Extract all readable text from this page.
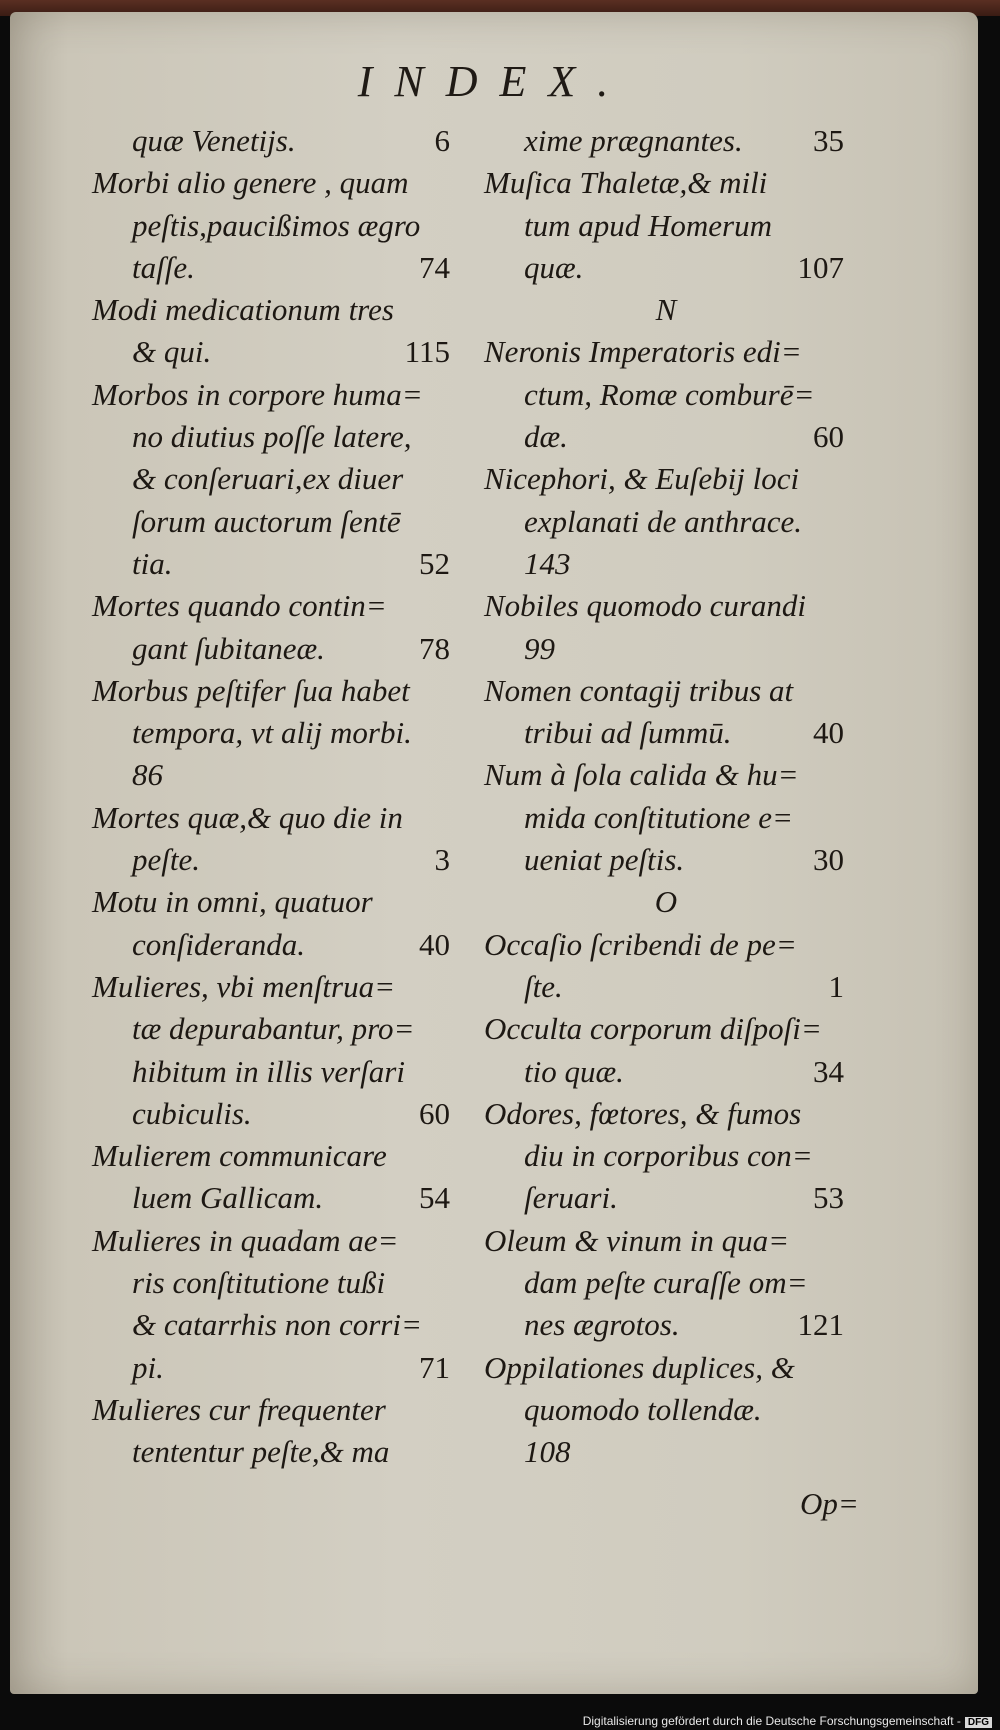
INDEX.
quæ Venetijs.	6
Morbi alio genere , quam
peſtis,paucißimos ægro
taſſe.	74
Modi medicationum tres
& qui.	115
Morbos in corpore huma=
no diutius poſſe latere,
& conſeruari,ex diuer
ſorum auctorum ſentē
tia.	52
Mortes quando contin=
gant ſubitaneæ.	78
Morbus peſtifer ſua habet
tempora, vt alij morbi.
86
Mortes quæ,& quo die in
peſte.	3
Motu in omni, quatuor
conſideranda.	40
Mulieres, vbi menſtrua=
tæ depurabantur, pro=
hibitum in illis verſari
cubiculis.	60
Mulierem communicare
luem Gallicam.	54
Mulieres in quadam ae=
ris conſtitutione tußi
& catarrhis non corri=
pi.	71
Mulieres cur frequenter
tententur peſte,& ma
xime prægnantes. 35
Muſica Thaletæ,& mili
tum apud Homerum
quæ.	107
N
Neronis Imperatoris edi=
ctum, Romæ comburē=
dæ.	60
Nicephori, & Euſebij loci
explanati de anthrace.
143
Nobiles quomodo curandi
99
Nomen contagij tribus at
tribui ad ſummū.	40
Num à ſola calida & hu=
mida conſtitutione e=
ueniat peſtis.	30
O
Occaſio ſcribendi de pe=
ſte.	1
Occulta corporum diſpoſi=
tio quæ.	34
Odores, fœtores, & fumos
diu in corporibus con=
ſeruari.	53
Oleum & vinum in qua=
dam peſte curaſſe om=
nes ægrotos.	121
Oppilationes duplices, &
quomodo tollendæ.
108
Op=
Digitalisierung gefördert durch die Deutsche Forschungsgemeinschaft - DFG
